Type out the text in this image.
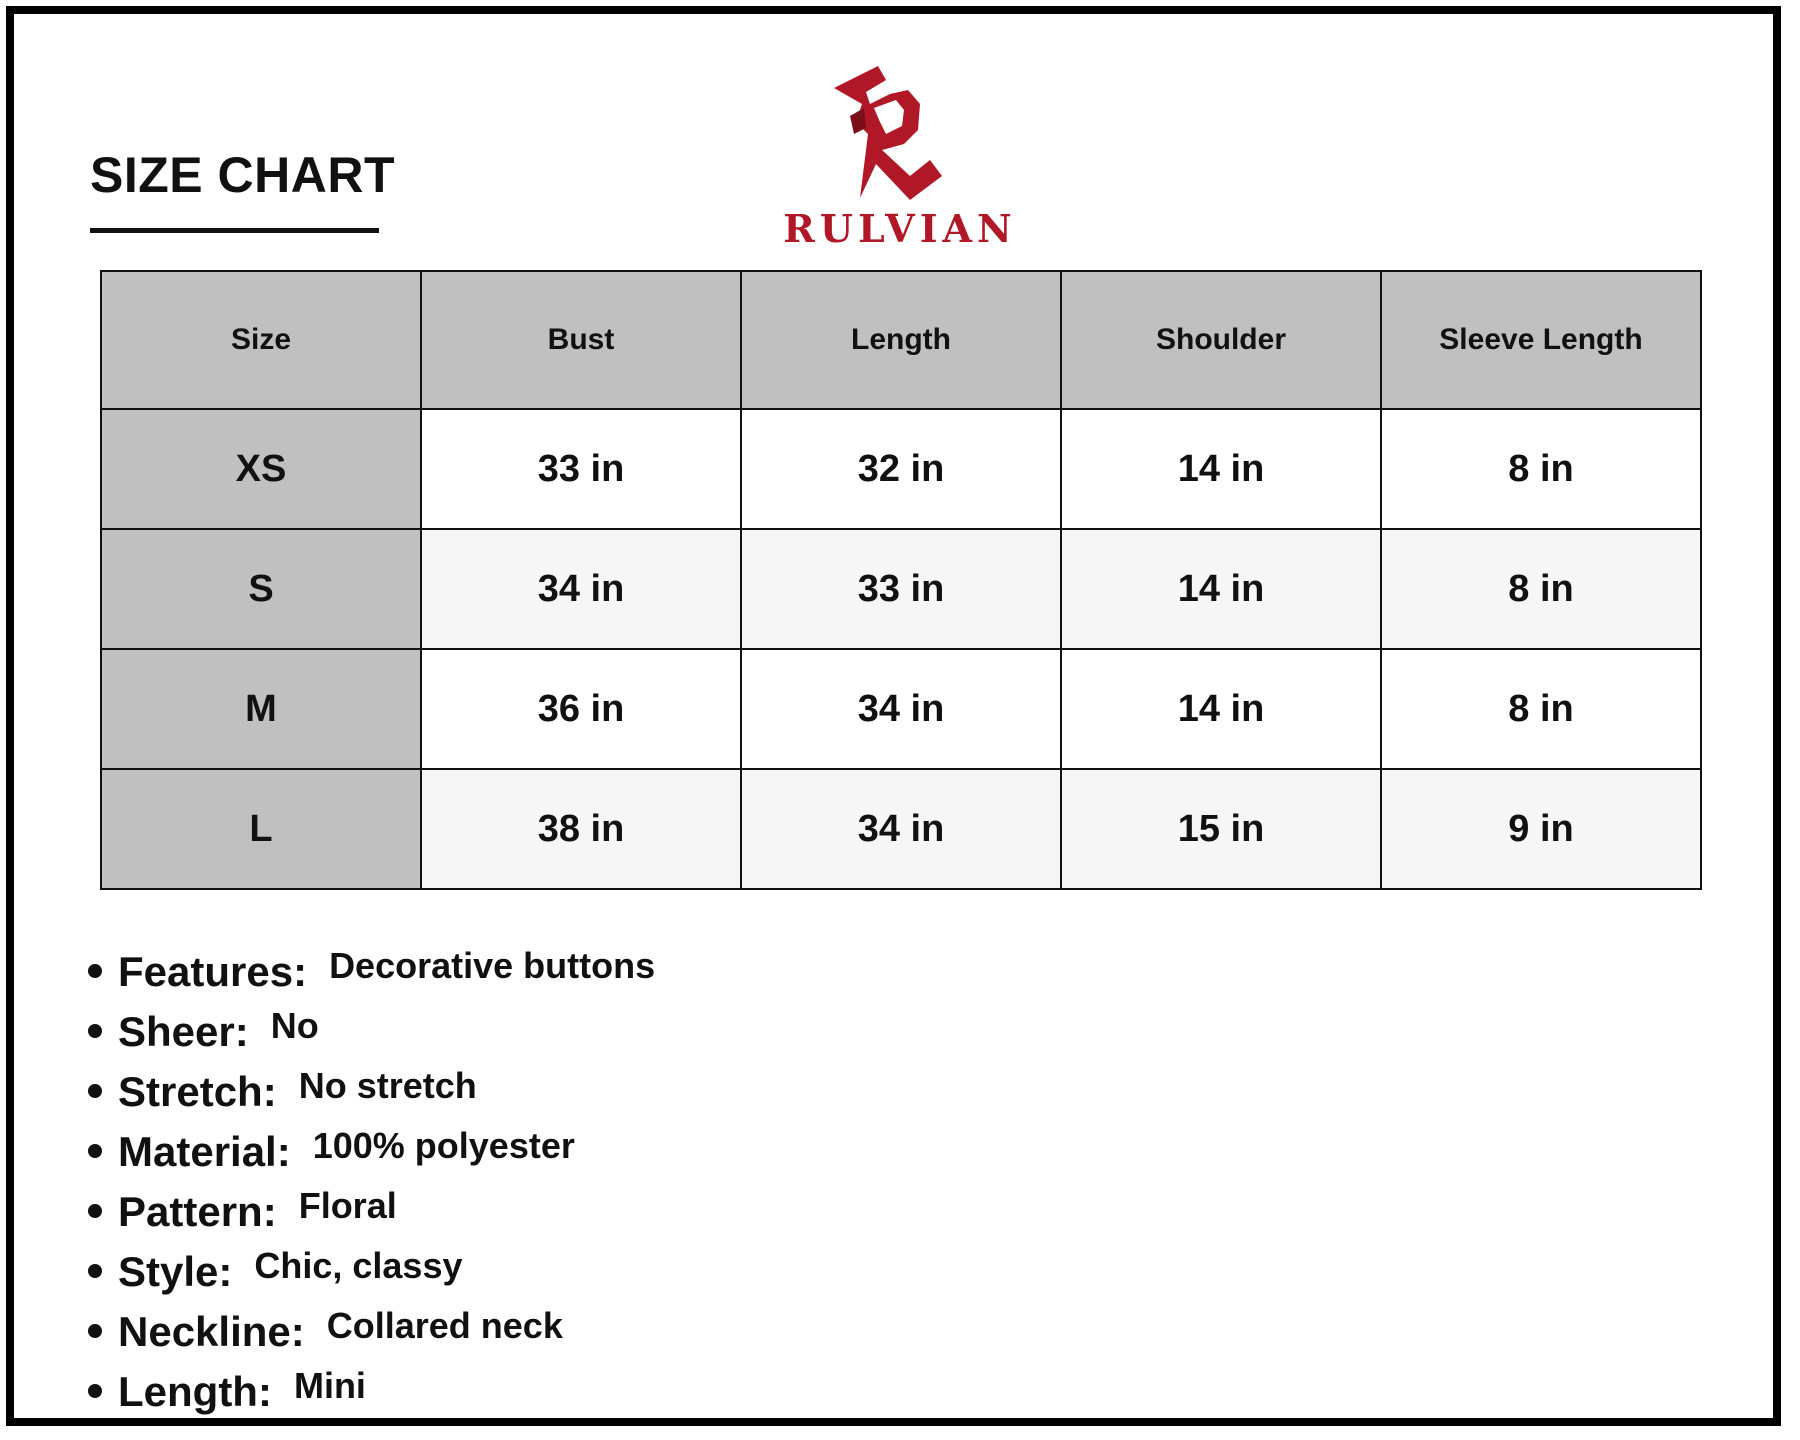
SIZE CHART
RULVIAN
Size	Bust	Length	Shoulder	Sleeve Length
XS	33 in	32 in	14 in	8 in
S	34 in	33 in	14 in	8 in
M	36 in	34 in	14 in	8 in
L	38 in	34 in	15 in	9 in
Features: Decorative buttons
Sheer: No
Stretch: No stretch
Material: 100% polyester
Pattern: Floral
Style: Chic, classy
Neckline: Collared neck
Length: Mini
